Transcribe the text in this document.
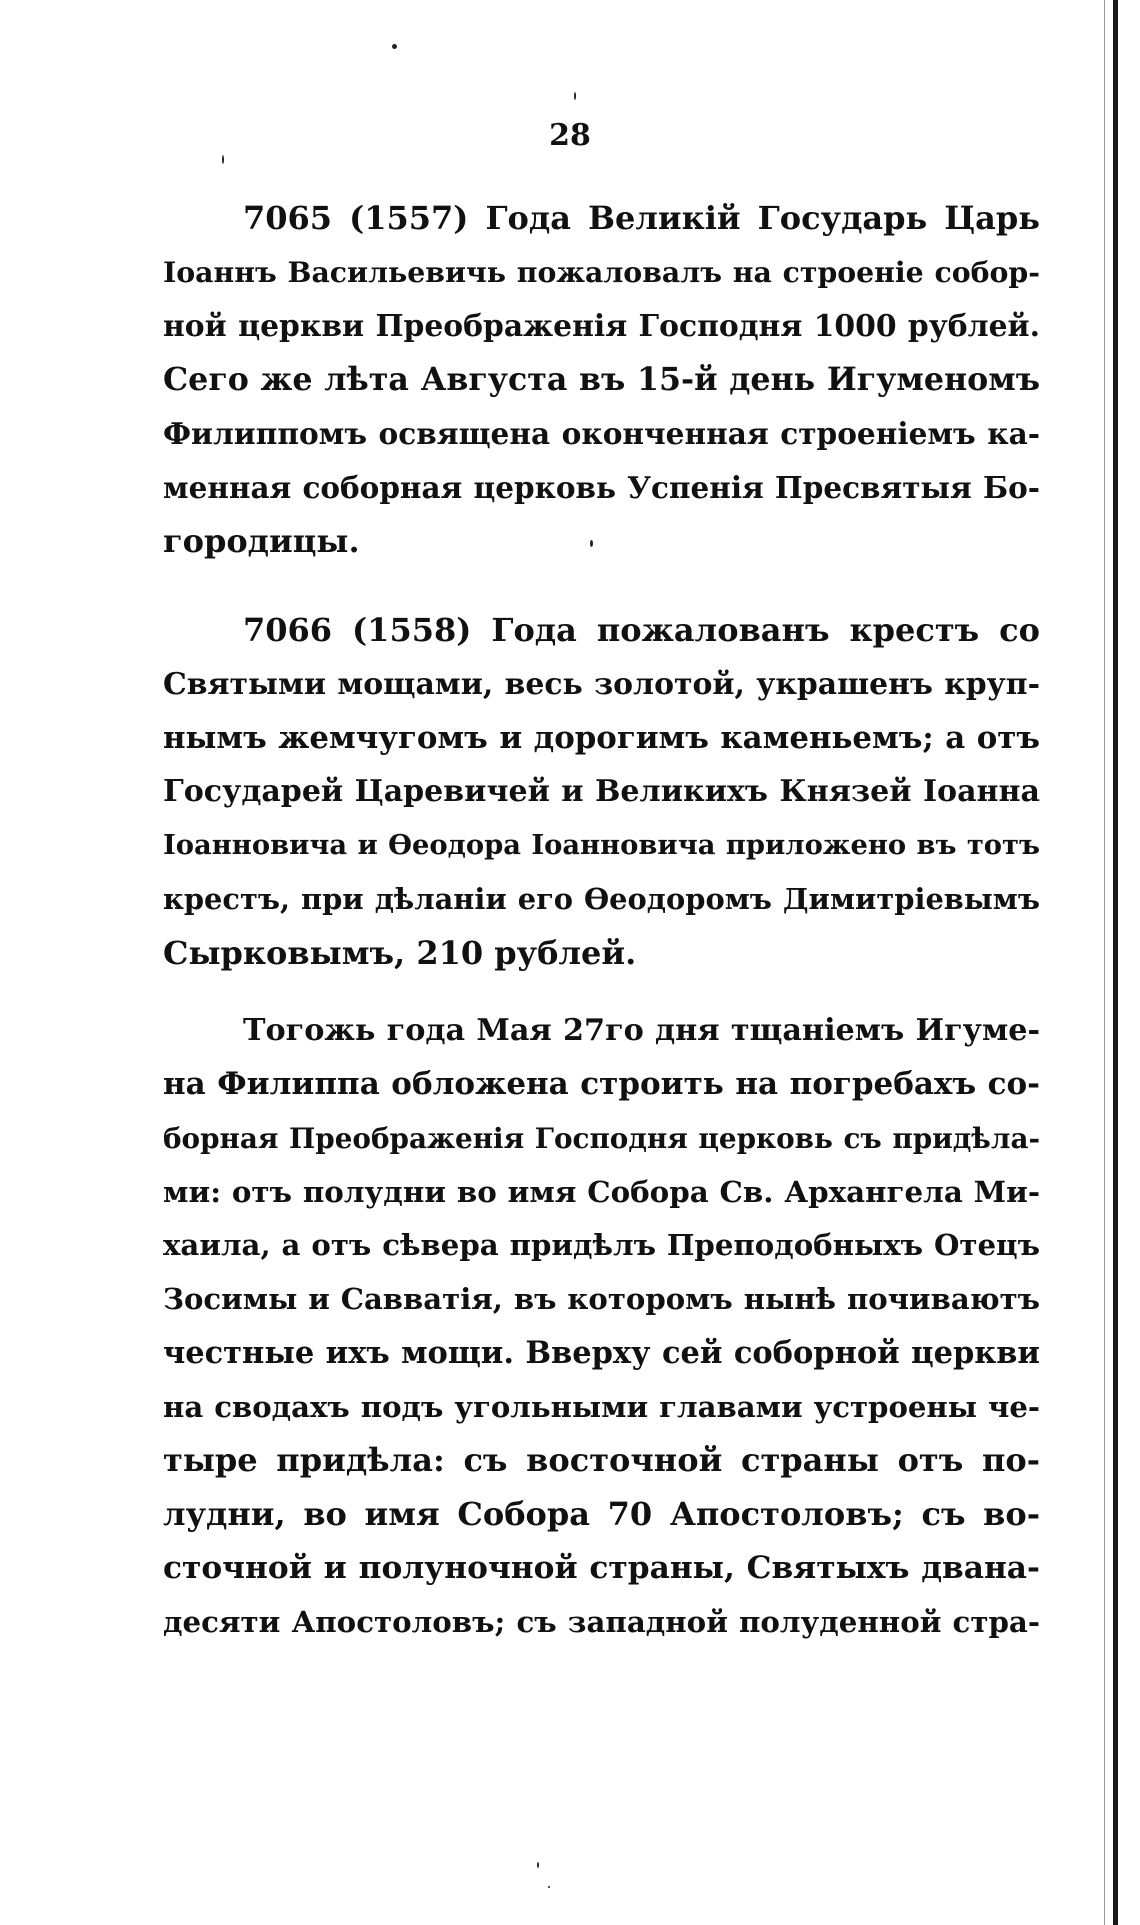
28
7065 (1557) Года Великій Государь Царь
Іоаннъ Васильевичь пожаловалъ на строеніе собор-
ной церкви Преображенія Господня 1000 рублей.
Сего же лѣта Августа въ 15-й день Игуменомъ
Филиппомъ освящена оконченная строеніемъ ка-
менная соборная церковь Успенія Пресвятыя Бо-
городицы.
7066 (1558) Года пожалованъ крестъ со
Святыми мощами, весь золотой, украшенъ круп-
нымъ жемчугомъ и дорогимъ каменьемъ; а отъ
Государей Царевичей и Великихъ Князей Іоанна
Іоанновича и Ѳеодора Іоанновича приложено въ тотъ
крестъ, при дѣланіи его Ѳеодоромъ Димитріевымъ
Сырковымъ, 210 рублей.
Тогожь года Мая 27го дня тщаніемъ Игуме-
на Филиппа обложена строить на погребахъ со-
борная Преображенія Господня церковь съ придѣла-
ми: отъ полудни во имя Собора Св. Архангела Ми-
хаила, а отъ сѣвера придѣлъ Преподобныхъ Отецъ
Зосимы и Савватія, въ которомъ нынѣ почиваютъ
честные ихъ мощи. Вверху сей соборной церкви
на сводахъ подъ угольными главами устроены че-
тыре придѣла: съ восточной страны отъ по-
лудни, во имя Собора 70 Апостоловъ; съ во-
сточной и полуночной страны, Святыхъ двана-
десяти Апостоловъ; съ западной полуденной стра-
